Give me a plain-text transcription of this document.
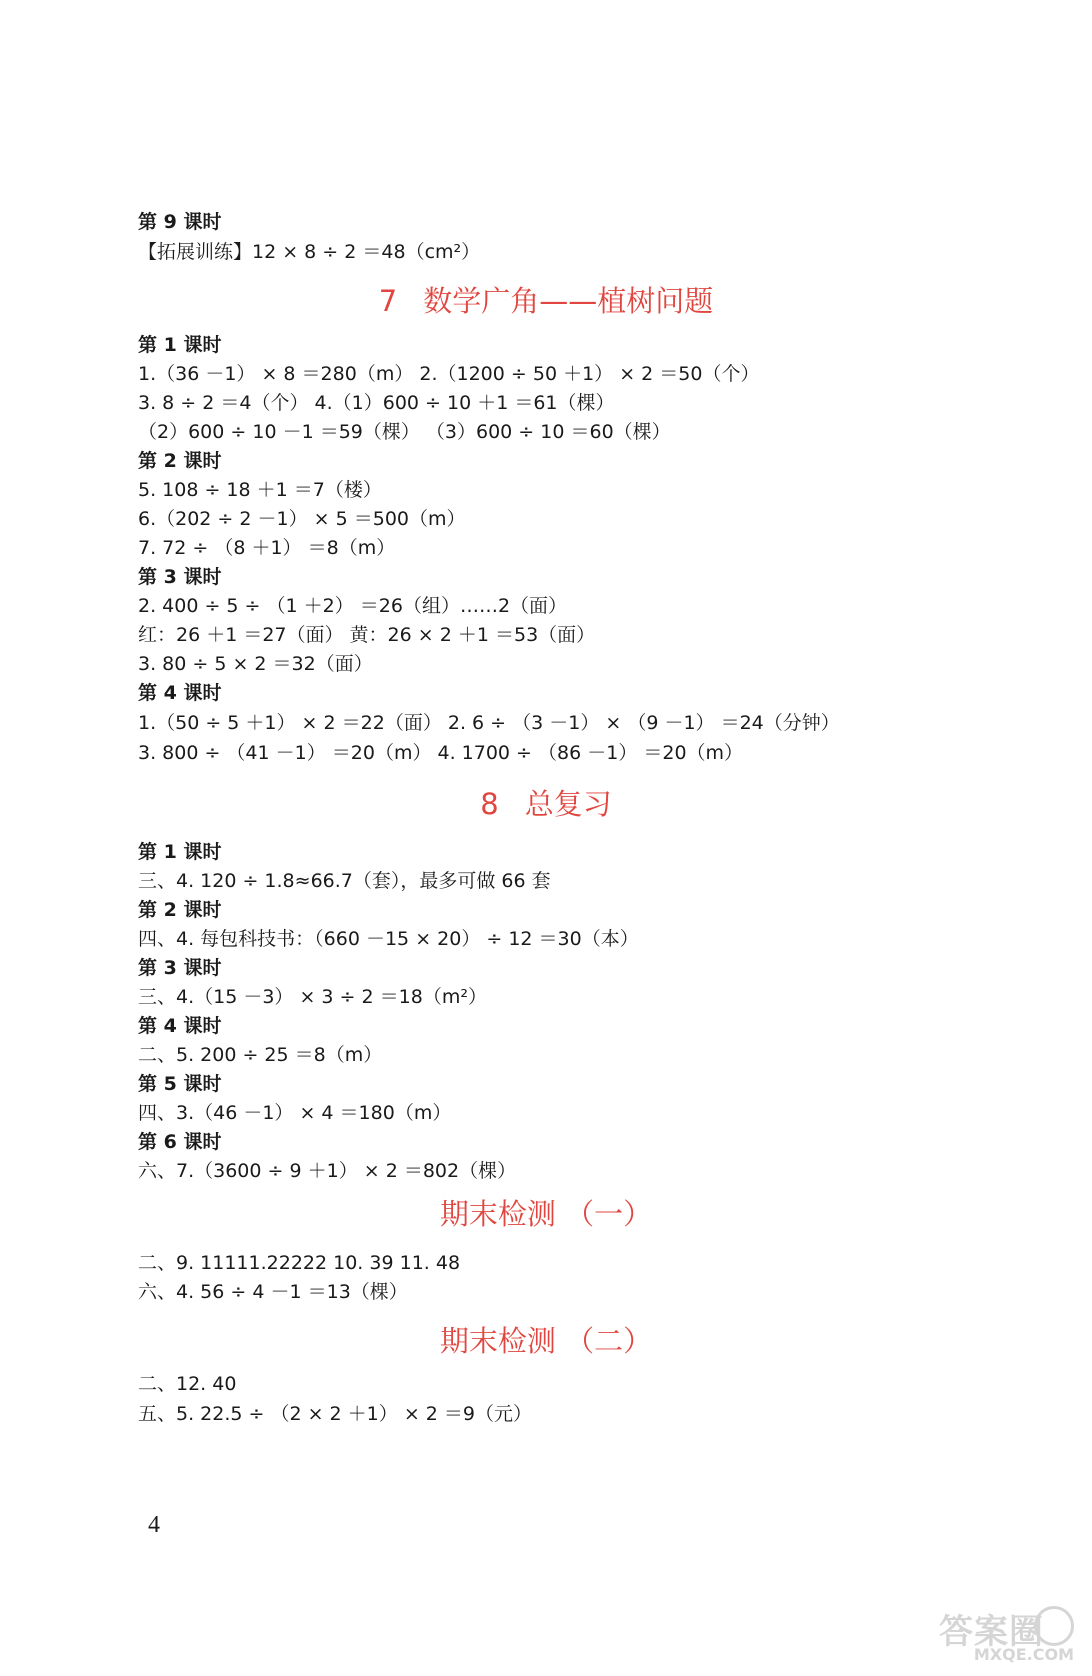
第 9 课时
【拓展训练】12 × 8 ÷ 2 ＝48（cm²）
7 数学广角——植树问题
第 1 课时
1.（36 －1） × 8 ＝280（m） 2.（1200 ÷ 50 ＋1） × 2 ＝50（个）
3. 8 ÷ 2 ＝4（个） 4.（1）600 ÷ 10 ＋1 ＝61（棵）
（2）600 ÷ 10 －1 ＝59（棵） （3）600 ÷ 10 ＝60（棵）
第 2 课时
5. 108 ÷ 18 ＋1 ＝7（楼）
6.（202 ÷ 2 －1） × 5 ＝500（m）
7. 72 ÷ （8 ＋1） ＝8（m）
第 3 课时
2. 400 ÷ 5 ÷ （1 ＋2） ＝26（组）……2（面）
红：26 ＋1 ＝27（面） 黄：26 × 2 ＋1 ＝53（面）
3. 80 ÷ 5 × 2 ＝32（面）
第 4 课时
1.（50 ÷ 5 ＋1） × 2 ＝22（面） 2. 6 ÷ （3 －1） × （9 －1） ＝24（分钟）
3. 800 ÷ （41 －1） ＝20（m） 4. 1700 ÷ （86 －1） ＝20（m）
8 总复习
第 1 课时
三、4. 120 ÷ 1.8≈66.7（套），最多可做 66 套
第 2 课时
四、4. 每包科技书：（660 －15 × 20） ÷ 12 ＝30（本）
第 3 课时
三、4.（15 －3） × 3 ÷ 2 ＝18（m²）
第 4 课时
二、5. 200 ÷ 25 ＝8（m）
第 5 课时
四、3.（46 －1） × 4 ＝180（m）
第 6 课时
六、7.（3600 ÷ 9 ＋1） × 2 ＝802（棵）
期末检测 （一）
二、9. 11111.22222 10. 39 11. 48
六、4. 56 ÷ 4 －1 ＝13（棵）
期末检测 （二）
二、12. 40
五、5. 22.5 ÷ （2 × 2 ＋1） × 2 ＝9（元）
4
答案圈
MXQE.COM
